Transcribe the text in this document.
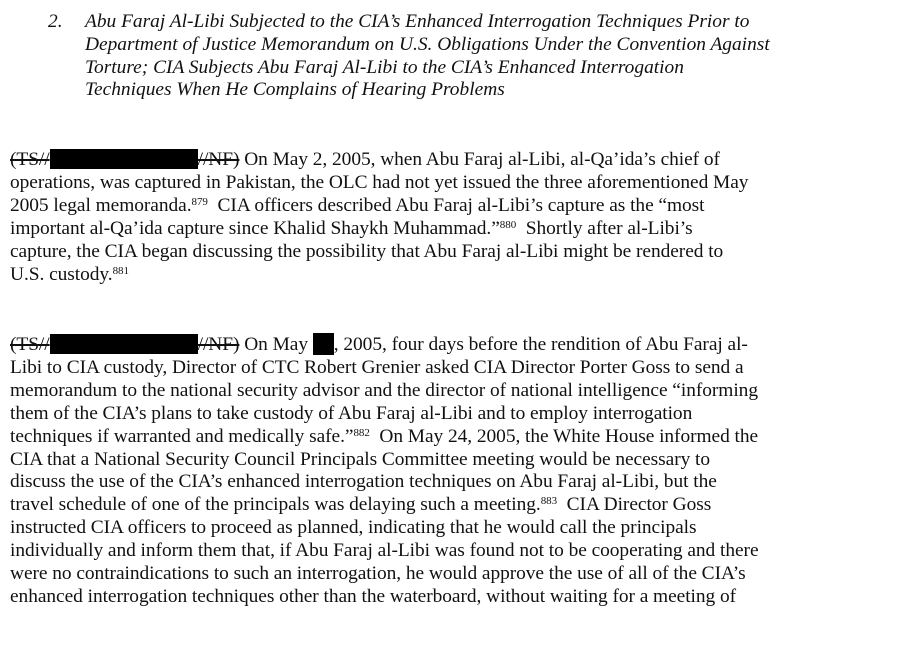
2.	Abu Faraj Al-Libi Subjected to the CIA’s Enhanced Interrogation Techniques Prior to
Department of Justice Memorandum on U.S. Obligations Under the Convention Against
Torture; CIA Subjects Abu Faraj Al-Libi to the CIA’s Enhanced Interrogation
Techniques When He Complains of Hearing Problems
(TS//	//NF) On May 2, 2005, when Abu Faraj al-Libi, al-Qa’ida’s chief of
operations, was captured in Pakistan, the OLC had not yet issued the three aforementioned May
2005 legal memoranda.$^{879}$  CIA officers described Abu Faraj al-Libi’s capture as the “most
important al-Qa’ida capture since Khalid Shaykh Muhammad.”$^{880}$  Shortly after al-Libi’s
capture, the CIA began discussing the possibility that Abu Faraj al-Libi might be rendered to
U.S. custody.$^{881}$
(TS//	//NF) On May , 2005, four days before the rendition of Abu Faraj al-
Libi to CIA custody, Director of CTC Robert Grenier asked CIA Director Porter Goss to send a
memorandum to the national security advisor and the director of national intelligence “informing
them of the CIA’s plans to take custody of Abu Faraj al-Libi and to employ interrogation
techniques if warranted and medically safe.”$^{882}$  On May 24, 2005, the White House informed the
CIA that a National Security Council Principals Committee meeting would be necessary to
discuss the use of the CIA’s enhanced interrogation techniques on Abu Faraj al-Libi, but the
travel schedule of one of the principals was delaying such a meeting.$^{883}$  CIA Director Goss
instructed CIA officers to proceed as planned, indicating that he would call the principals
individually and inform them that, if Abu Faraj al-Libi was found not to be cooperating and there
were no contraindications to such an interrogation, he would approve the use of all of the CIA’s
enhanced interrogation techniques other than the waterboard, without waiting for a meeting of
